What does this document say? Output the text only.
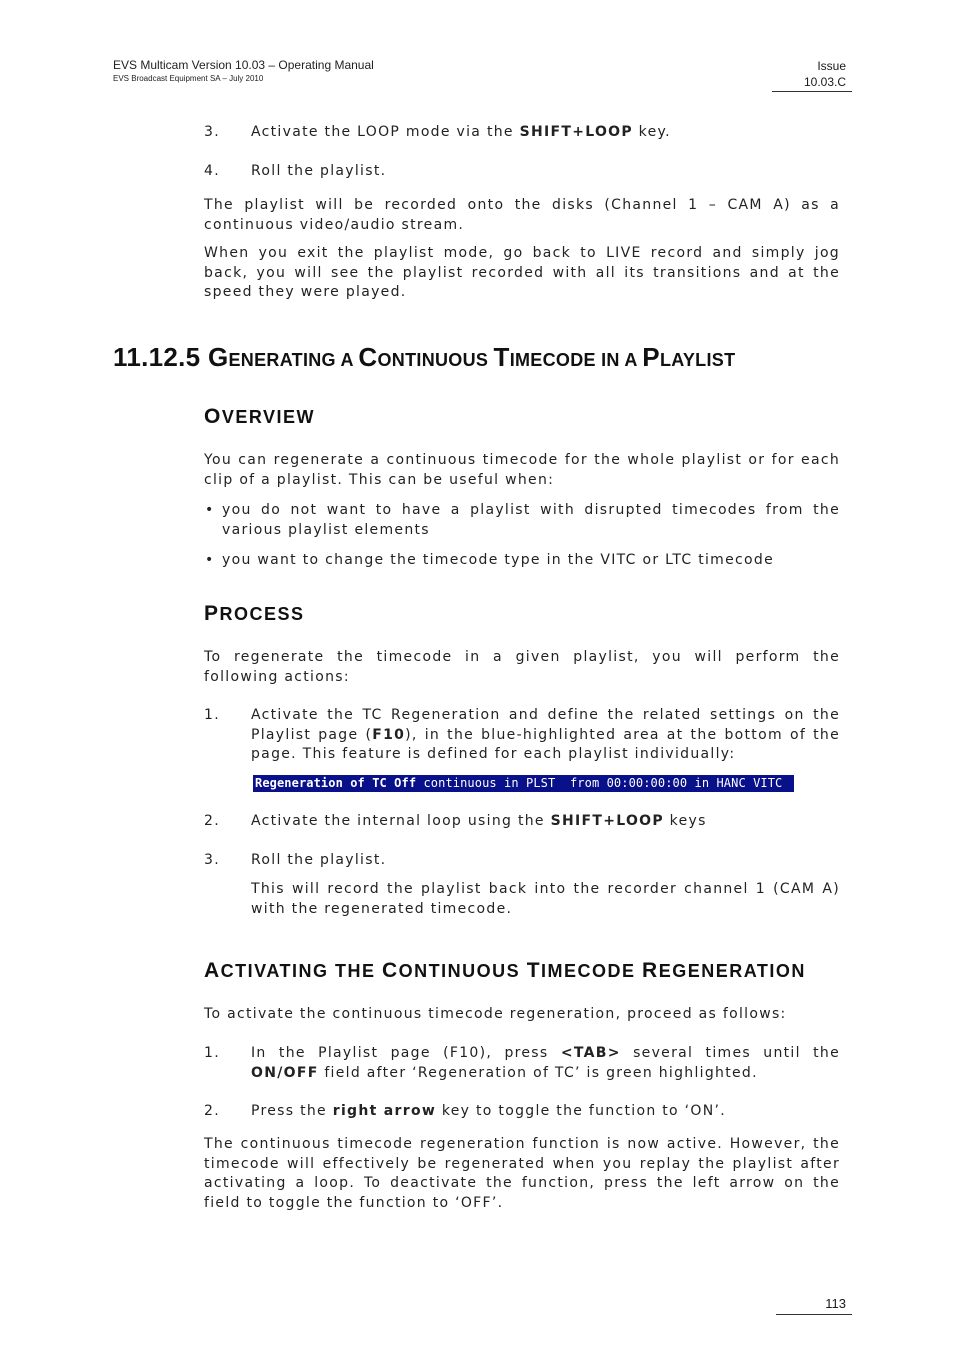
EVS Multicam Version 10.03 – Operating Manual
EVS Broadcast Equipment SA – July 2010
Issue
10.03.C
3. Activate the LOOP mode via the SHIFT+LOOP key.
4. Roll the playlist.
The playlist will be recorded onto the disks (Channel 1 – CAM A) as a continuous video/audio stream.
When you exit the playlist mode, go back to LIVE record and simply jog back, you will see the playlist recorded with all its transitions and at the speed they were played.
11.12.5 GENERATING A CONTINUOUS TIMECODE IN A PLAYLIST
OVERVIEW
You can regenerate a continuous timecode for the whole playlist or for each clip of a playlist. This can be useful when:
• you do not want to have a playlist with disrupted timecodes from the various playlist elements
• you want to change the timecode type in the VITC or LTC timecode
PROCESS
To regenerate the timecode in a given playlist, you will perform the following actions:
1. Activate the TC Regeneration and define the related settings on the Playlist page (F10), in the blue-highlighted area at the bottom of the page. This feature is defined for each playlist individually:
Regeneration of TC Off continuous in PLST  from 00:00:00:00 in HANC VITC
2. Activate the internal loop using the SHIFT+LOOP keys
3. Roll the playlist.
This will record the playlist back into the recorder channel 1 (CAM A) with the regenerated timecode.
ACTIVATING THE CONTINUOUS TIMECODE REGENERATION
To activate the continuous timecode regeneration, proceed as follows:
1. In the Playlist page (F10), press <TAB> several times until the ON/OFF field after ‘Regeneration of TC’ is green highlighted.
2. Press the right arrow key to toggle the function to ‘ON’.
The continuous timecode regeneration function is now active. However, the timecode will effectively be regenerated when you replay the playlist after activating a loop. To deactivate the function, press the left arrow on the field to toggle the function to ‘OFF’.
113
